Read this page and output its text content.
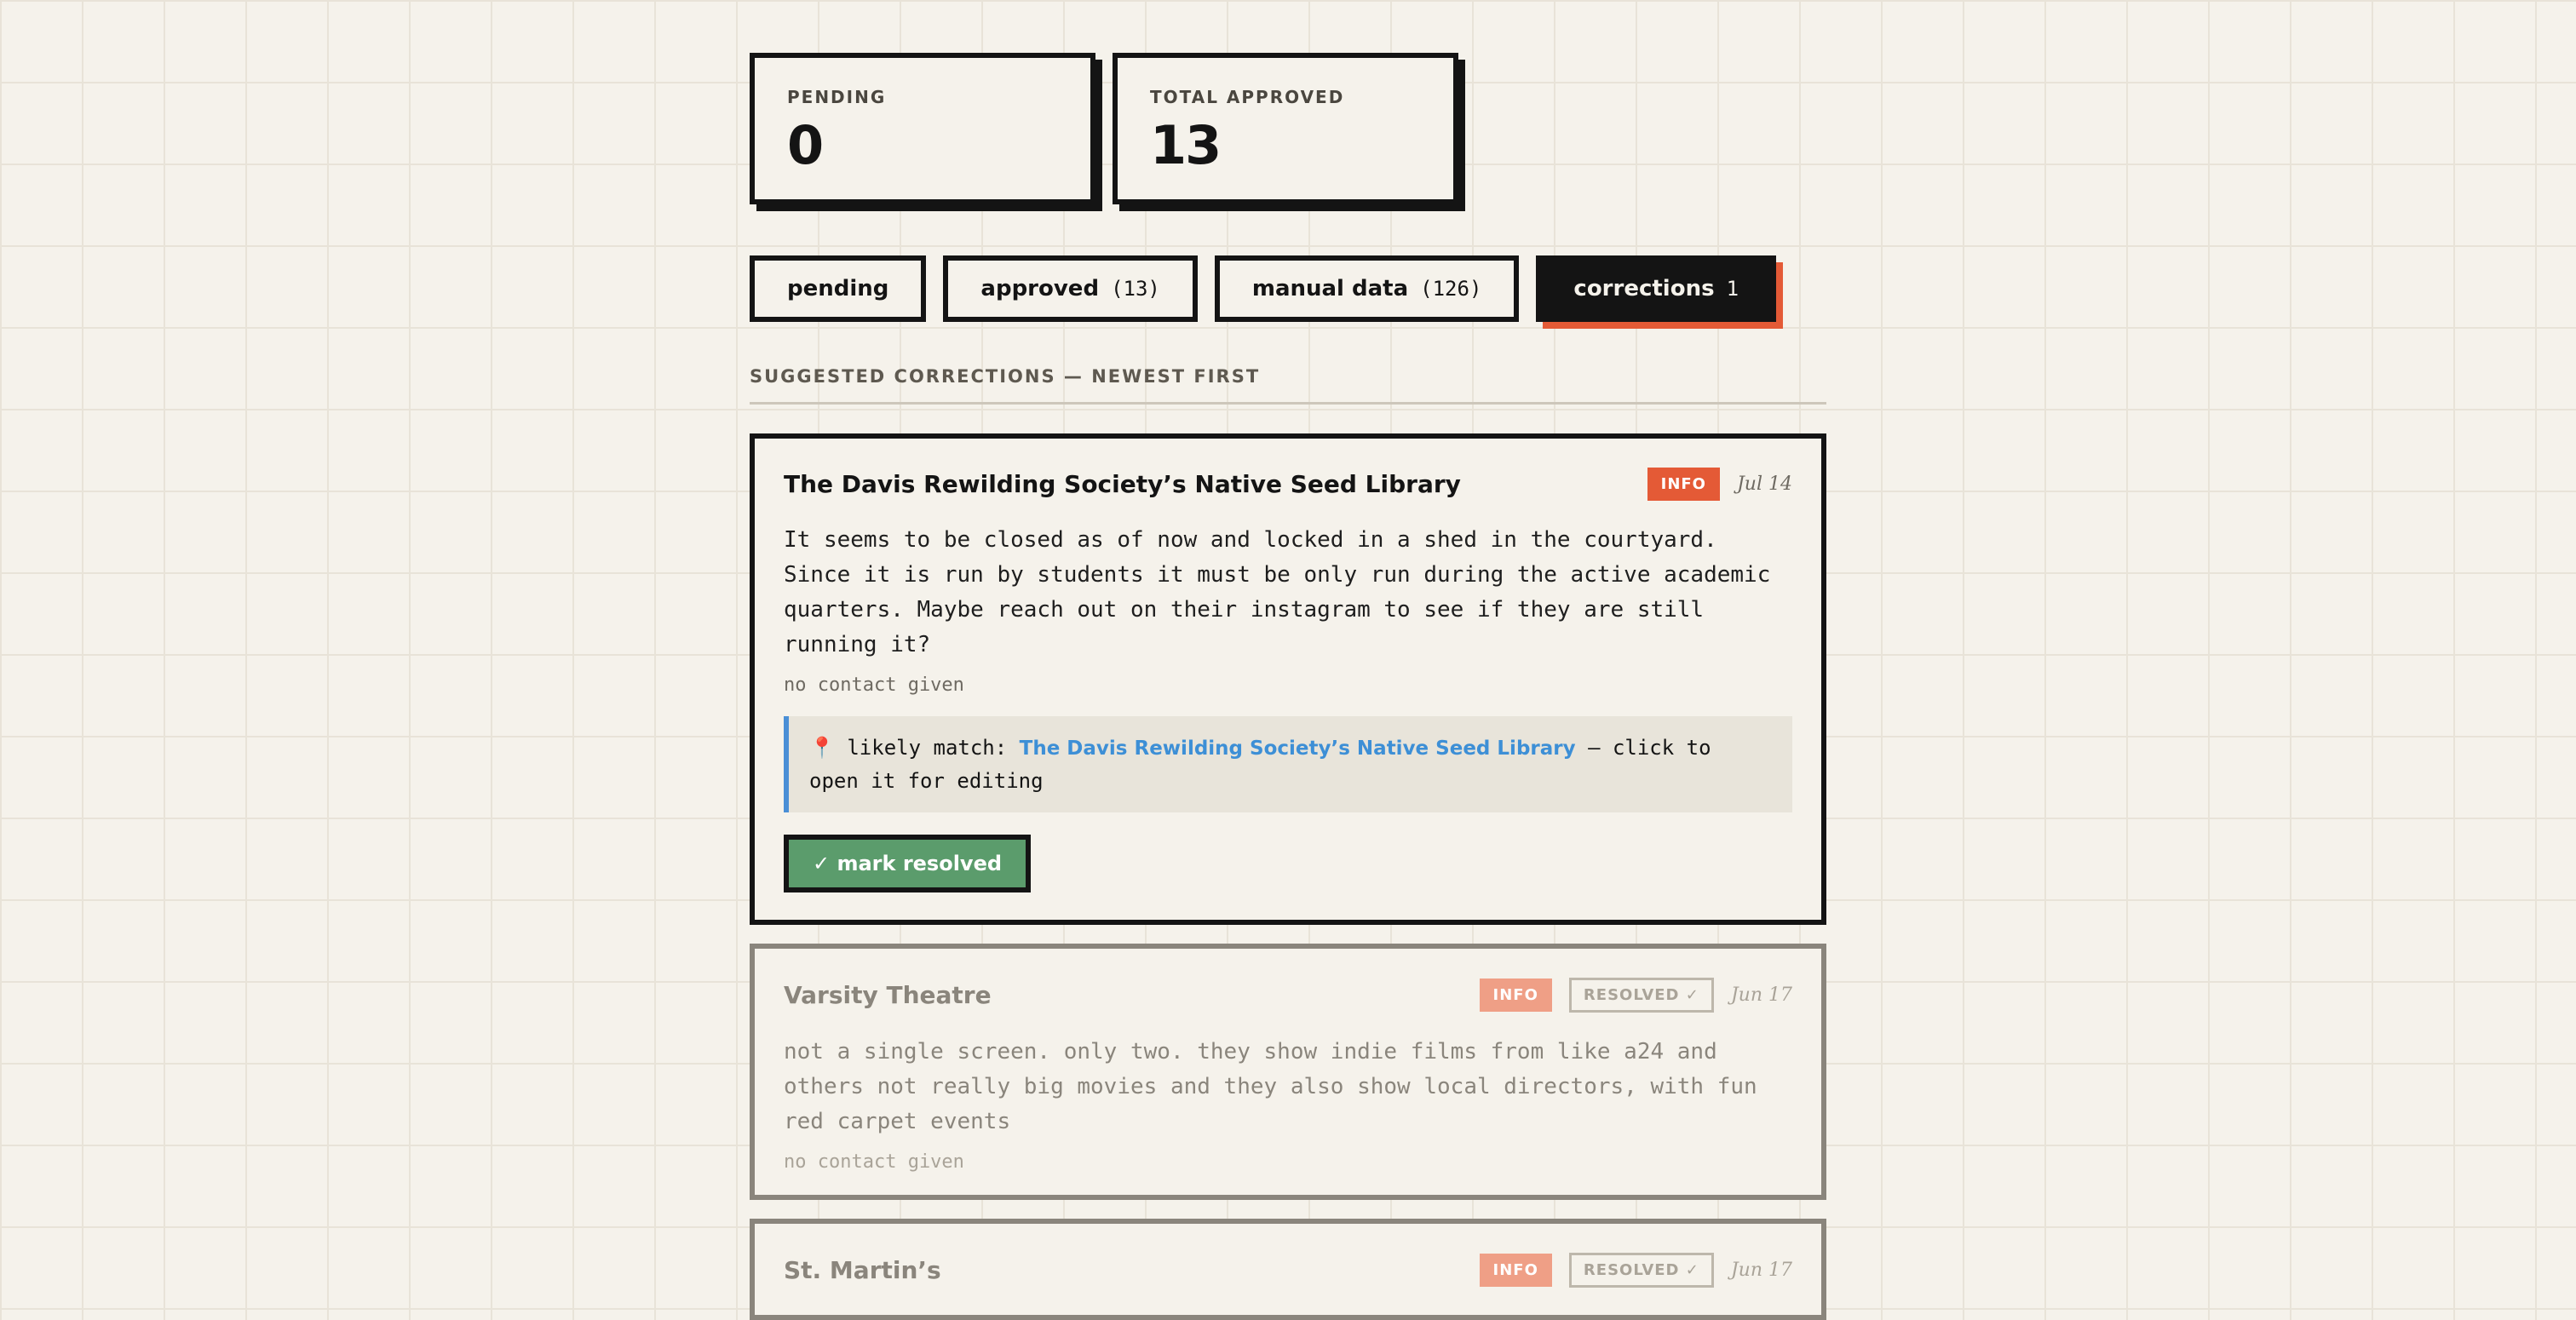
PENDING
0
TOTAL APPROVED
13
pending	approved (13)	manual data (126)	corrections 1
SUGGESTED CORRECTIONS — NEWEST FIRST
The Davis Rewilding Society’s Native Seed Library	INFO	Jul 14
It seems to be closed as of now and locked in a shed in the courtyard. Since it is run by students it must be only run during the active academic quarters. Maybe reach out on their instagram to see if they are still running it?
no contact given
📍 likely match: The Davis Rewilding Society’s Native Seed Library — click to open it for editing
✓ mark resolved
Varsity Theatre	INFO	RESOLVED ✓	Jun 17
not a single screen. only two. they show indie films from like a24 and others not really big movies and they also show local directors, with fun red carpet events
no contact given
St. Martin’s	INFO	RESOLVED ✓	Jun 17
